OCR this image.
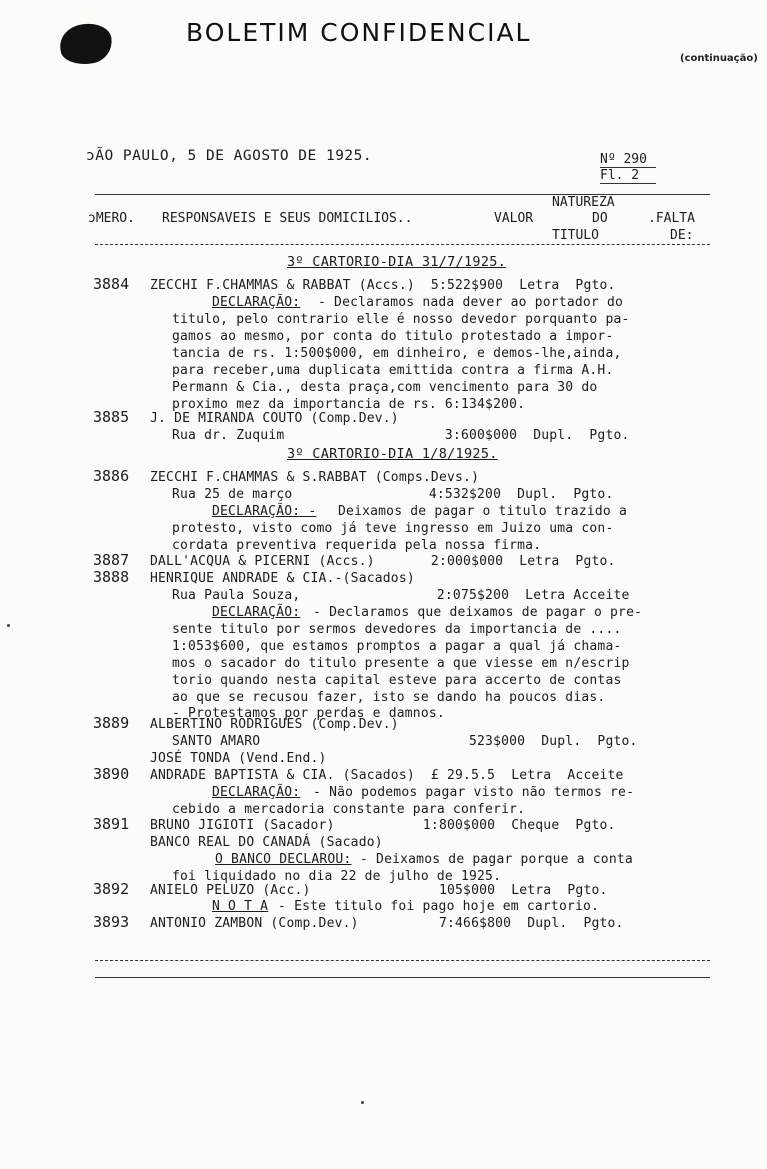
BOLETIM CONFIDENCIAL
(continuação)
ɔÃO PAULO, 5 DE AGOSTO DE 1925.	Nº 290
Fl. 2
NATUREZA
ɔMERO. RESPONSAVEIS E SEUS DOMICILIOS..	VALOR	DO	.FALTA
TITULO	DE:
3º CARTORIO-DIA 31/7/1925.
3884 ZECCHI F.CHAMMAS & RABBAT (Accs.)  5:522$900  Letra  Pgto.
DECLARAÇÃO: - Declaramos nada dever ao portador do
titulo, pelo contrario elle é nosso devedor porquanto pa-
gamos ao mesmo, por conta do titulo protestado a impor-
tancia de rs. 1:500$000, em dinheiro, e demos-lhe,ainda,
para receber,uma duplicata emittida contra a firma A.H.
Permann & Cia., desta praça,com vencimento para 30 do
proximo mez da importancia de rs. 6:134$200.
3885 J. DE MIRANDA COUTO (Comp.Dev.)
Rua dr. Zuquim                    3:600$000  Dupl.  Pgto.
3º CARTORIO-DIA 1/8/1925.
3886 ZECCHI F.CHAMMAS & S.RABBAT (Comps.Devs.)
Rua 25 de março                 4:532$200  Dupl.  Pgto.
DECLARAÇÃO: - Deixamos de pagar o titulo trazido a
protesto, visto como já teve ingresso em Juizo uma con-
cordata preventiva requerida pela nossa firma.
3887 DALL'ACQUA & PICERNI (Accs.)       2:000$000  Letra  Pgto.
3888 HENRIQUE ANDRADE & CIA.-(Sacados)
Rua Paula Souza,                 2:075$200  Letra Acceite
DECLARAÇÃO: - Declaramos que deixamos de pagar o pre-
sente titulo por sermos devedores da importancia de ....
1:053$600, que estamos promptos a pagar a qual já chama-
mos o sacador do titulo presente a que viesse em n/escrip
torio quando nesta capital esteve para accerto de contas
ao que se recusou fazer, isto se dando ha poucos dias.
- Protestamos por perdas e damnos.
3889 ALBERTINO RODRIGUES (Comp.Dev.)
SANTO AMARO                          523$000  Dupl.  Pgto.
JOSÉ TONDA (Vend.End.)
3890 ANDRADE BAPTISTA & CIA. (Sacados)  £ 29.5.5  Letra  Acceite
DECLARAÇÃO: - Não podemos pagar visto não termos re-
cebido a mercadoria constante para conferir.
3891 BRUNO JIGIOTI (Sacador)           1:800$000  Cheque  Pgto.
BANCO REAL DO CANADÁ (Sacado)
O BANCO DECLAROU: - Deixamos de pagar porque a conta
foi liquidado no dia 22 de julho de 1925.
3892 ANIELO PELUZO (Acc.)                105$000  Letra  Pgto.
N O T A - Este titulo foi pago hoje em cartorio.
3893 ANTONIO ZAMBON (Comp.Dev.)          7:466$800  Dupl.  Pgto.
